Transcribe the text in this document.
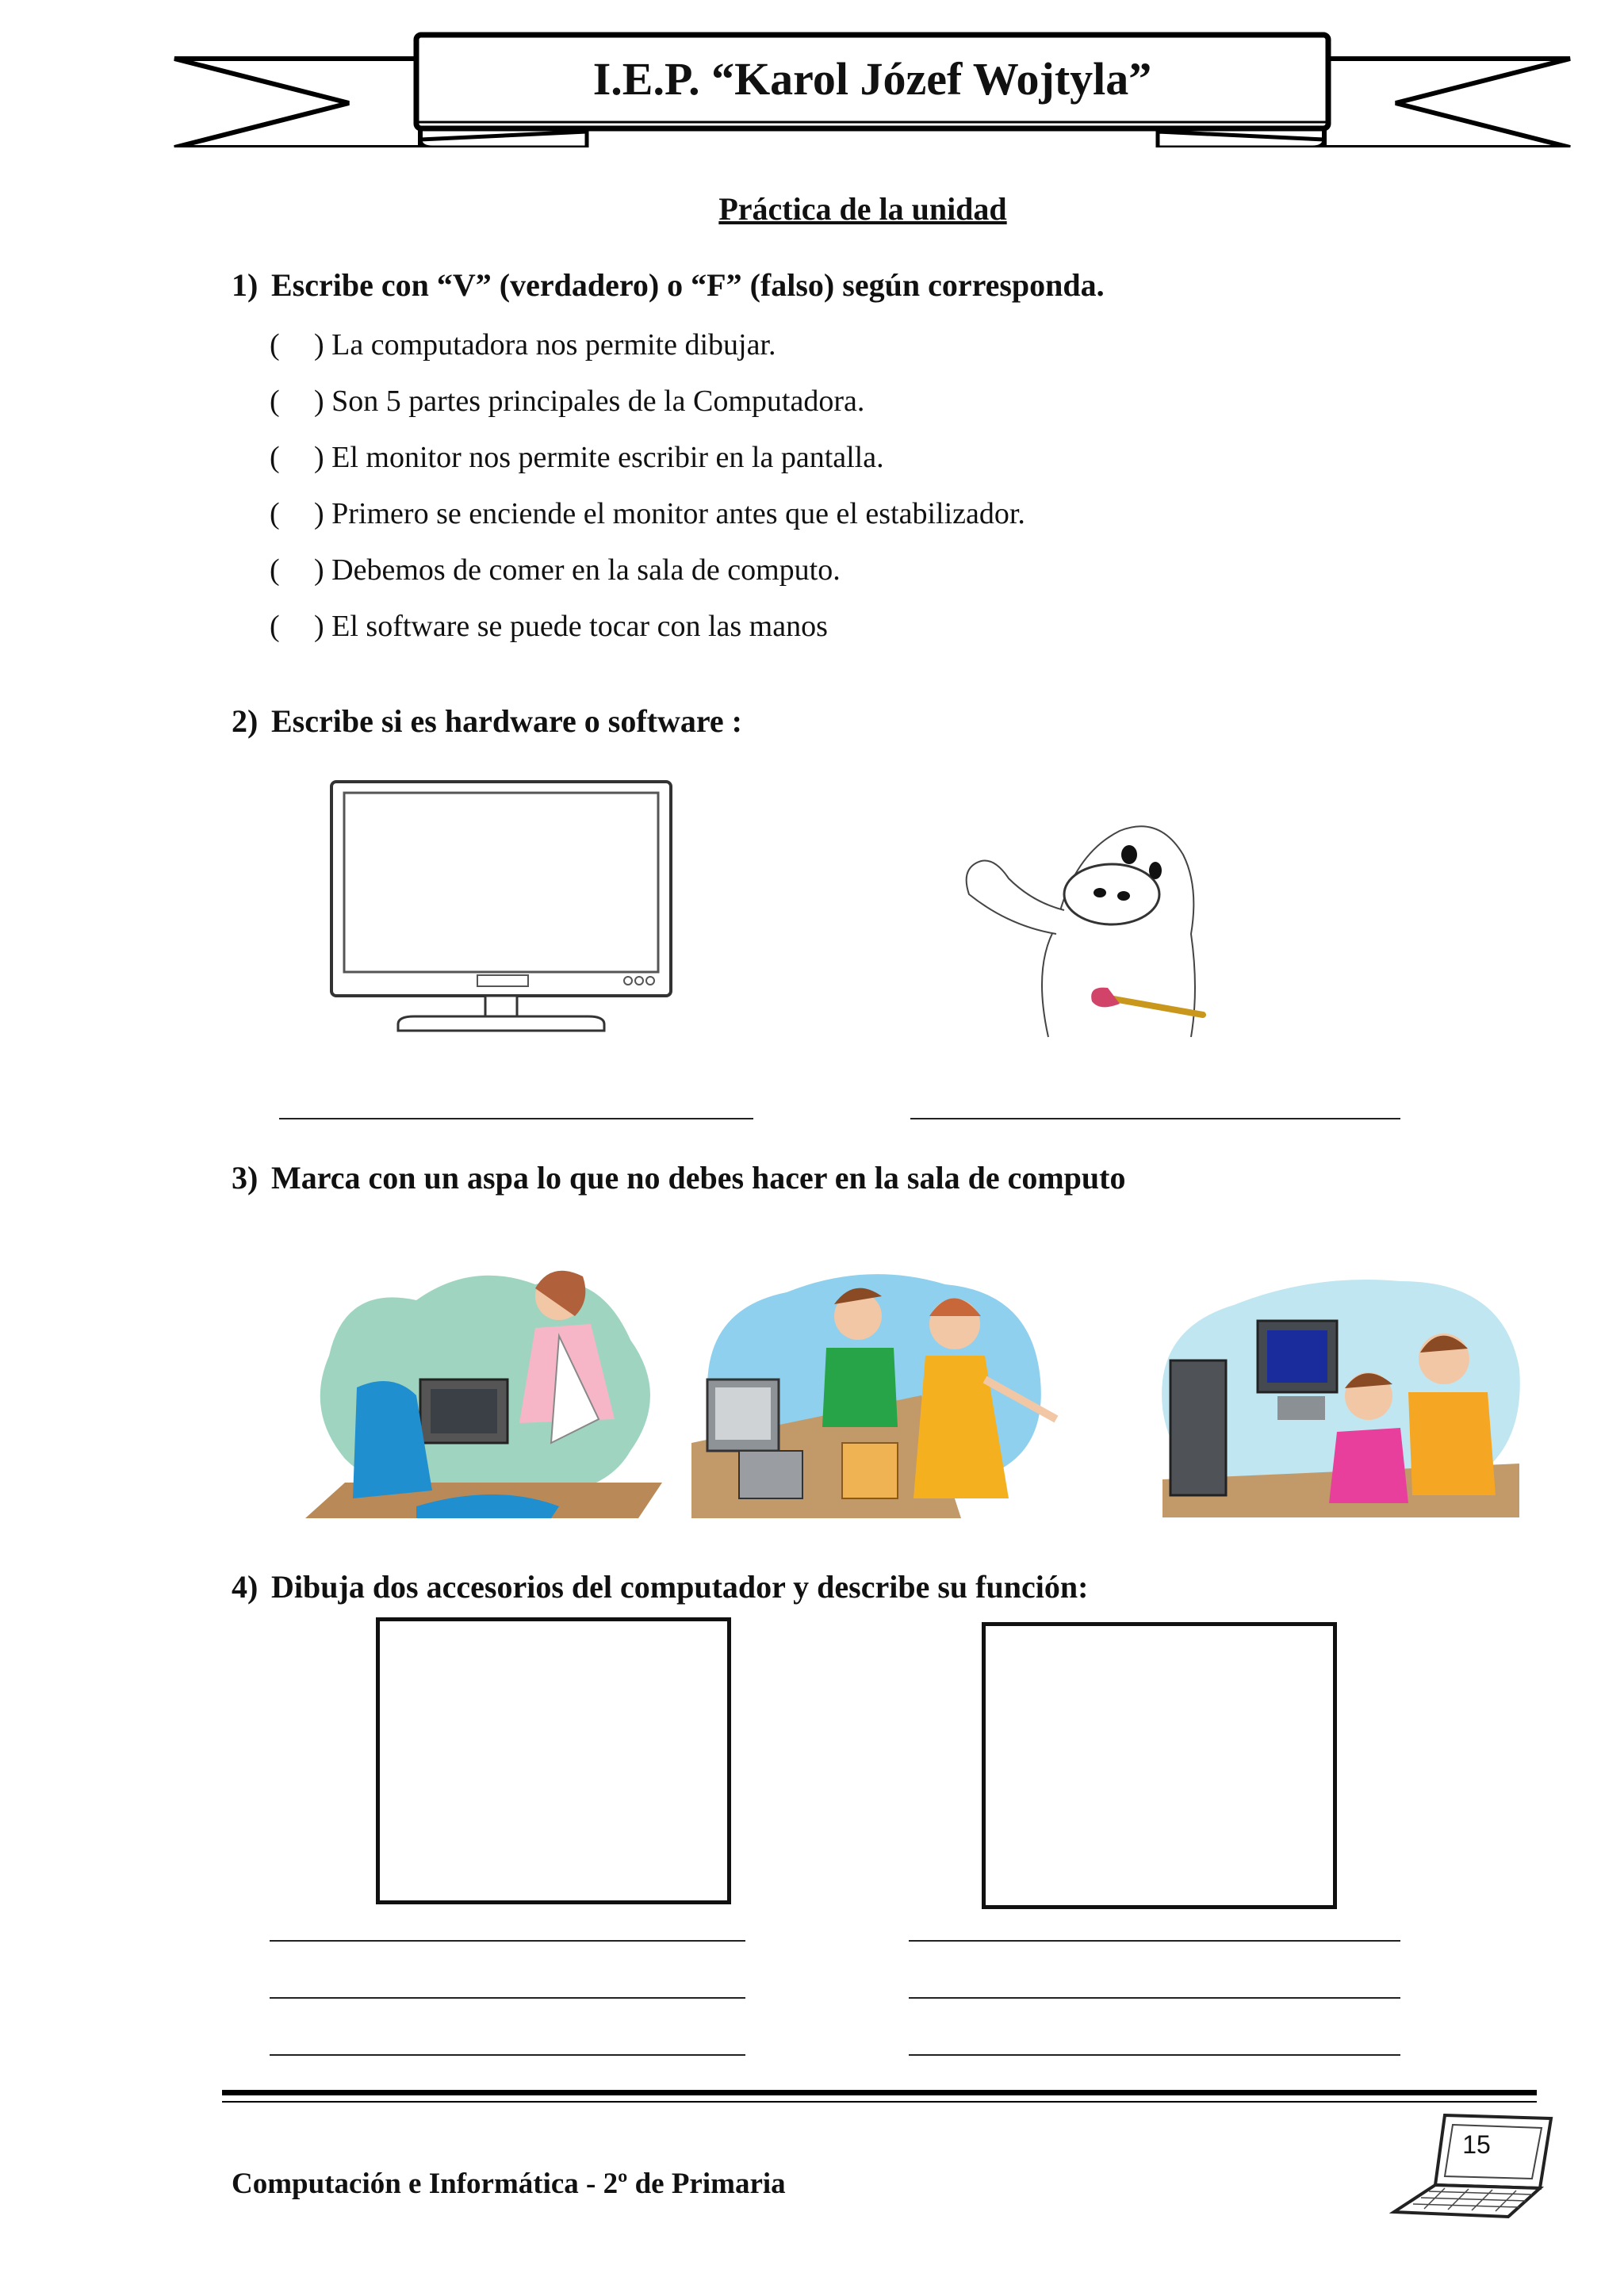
I.E.P. “Karol Józef Wojtyla”
Práctica de la unidad
1) Escribe con “V” (verdadero) o “F” (falso) según corresponda.
( ) La computadora nos permite dibujar.
( ) Son 5 partes principales de la Computadora.
( ) El monitor nos permite escribir en la pantalla.
( ) Primero se enciende el monitor antes que el estabilizador.
( ) Debemos de comer en la sala de computo.
( ) El software se puede tocar con las manos
2) Escribe si es hardware o software :
3) Marca con un aspa lo que no debes hacer en la sala de computo
4) Dibuja dos accesorios del computador y describe su función:
Computación e Informática - 2º de Primaria
15
